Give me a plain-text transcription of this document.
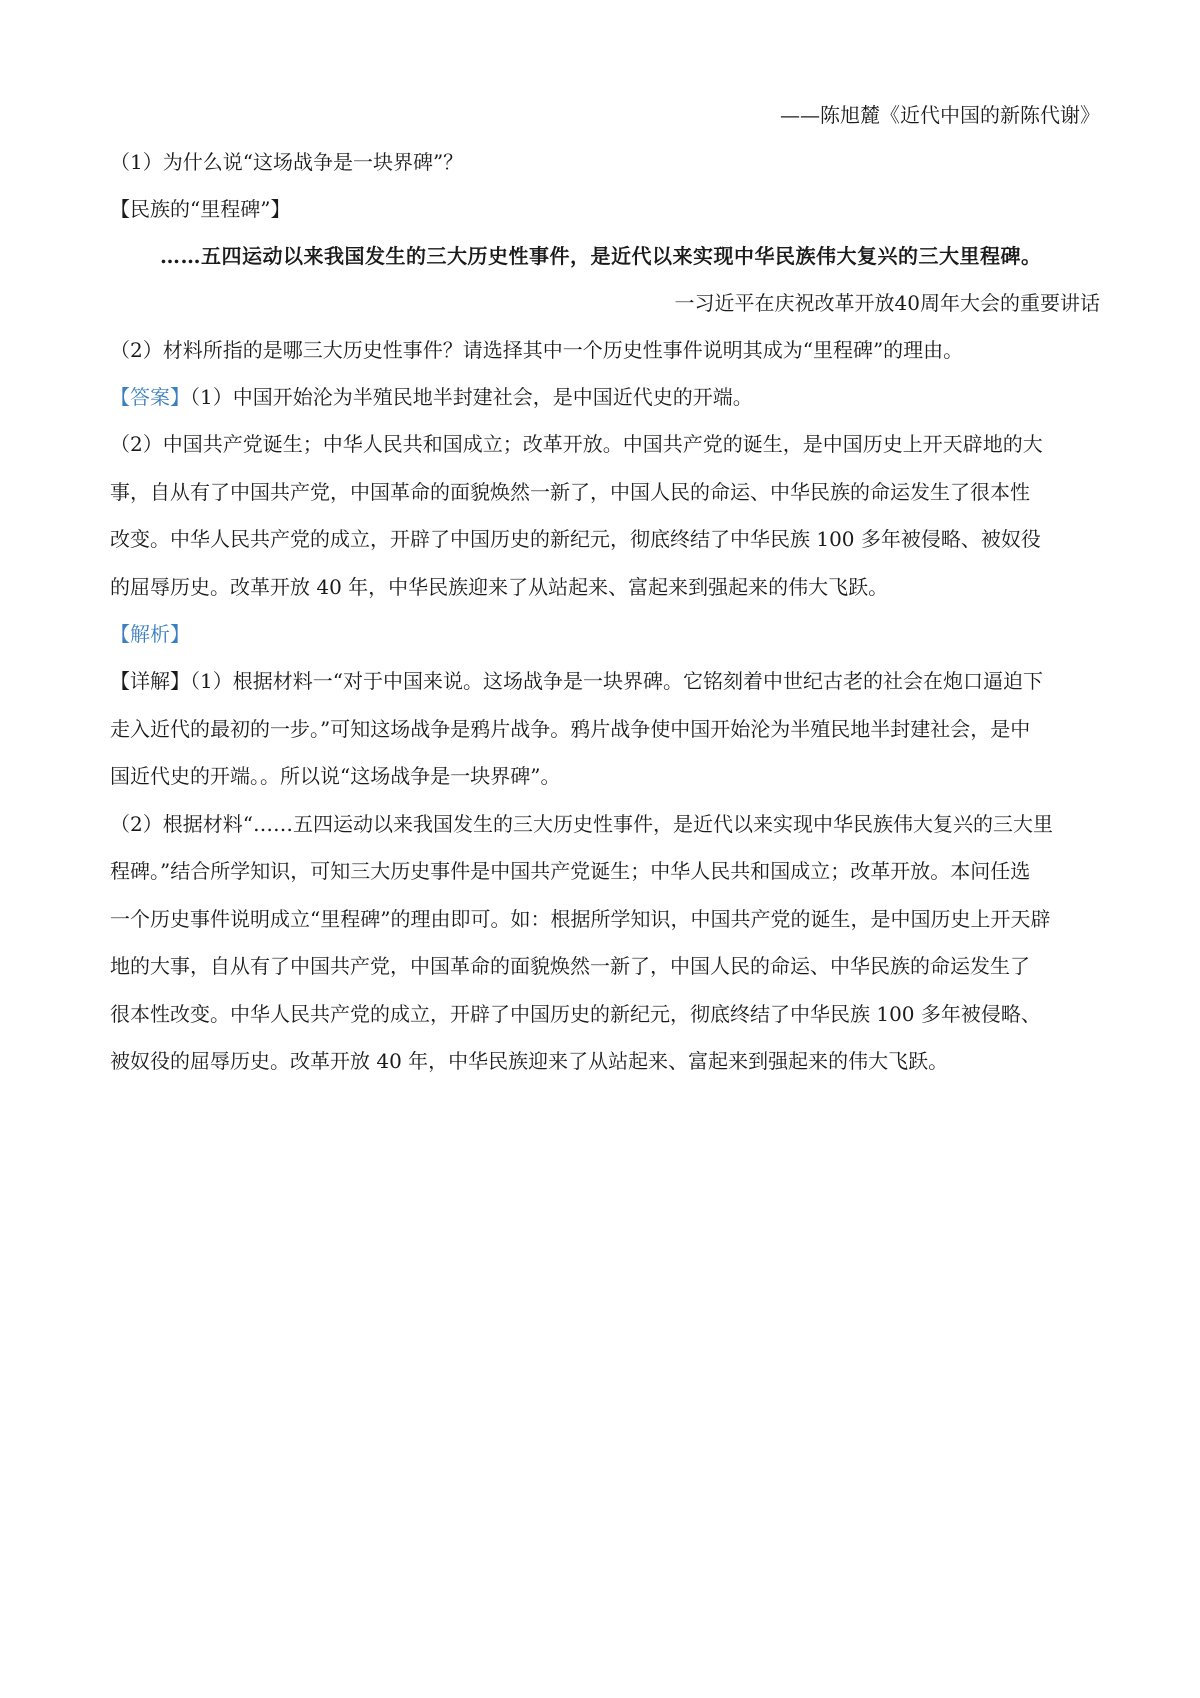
——陈旭麓《近代中国的新陈代谢》
（1）为什么说“这场战争是一块界碑”？
【民族的“里程碑”】
……五四运动以来我国发生的三大历史性事件，是近代以来实现中华民族伟大复兴的三大里程碑。
一习近平在庆祝改革开放40周年大会的重要讲话
（2）材料所指的是哪三大历史性事件？请选择其中一个历史性事件说明其成为“里程碑”的理由。
【答案】（1）中国开始沦为半殖民地半封建社会，是中国近代史的开端。
（2）中国共产党诞生；中华人民共和国成立；改革开放。中国共产党的诞生，是中国历史上开天辟地的大
事，自从有了中国共产党，中国革命的面貌焕然一新了，中国人民的命运、中华民族的命运发生了很本性
改变。中华人民共产党的成立，开辟了中国历史的新纪元，彻底终结了中华民族 100 多年被侵略、被奴役
的屈辱历史。改革开放 40 年，中华民族迎来了从站起来、富起来到强起来的伟大飞跃。
【解析】
【详解】（1）根据材料一“对于中国来说。这场战争是一块界碑。它铭刻着中世纪古老的社会在炮口逼迫下
走入近代的最初的一步。”可知这场战争是鸦片战争。鸦片战争使中国开始沦为半殖民地半封建社会，是中
国近代史的开端。。所以说“这场战争是一块界碑”。
（2）根据材料“……五四运动以来我国发生的三大历史性事件，是近代以来实现中华民族伟大复兴的三大里
程碑。”结合所学知识，可知三大历史事件是中国共产党诞生；中华人民共和国成立；改革开放。本问任选
一个历史事件说明成立“里程碑”的理由即可。如：根据所学知识，中国共产党的诞生，是中国历史上开天辟
地的大事，自从有了中国共产党，中国革命的面貌焕然一新了，中国人民的命运、中华民族的命运发生了
很本性改变。中华人民共产党的成立，开辟了中国历史的新纪元，彻底终结了中华民族 100 多年被侵略、
被奴役的屈辱历史。改革开放 40 年，中华民族迎来了从站起来、富起来到强起来的伟大飞跃。
